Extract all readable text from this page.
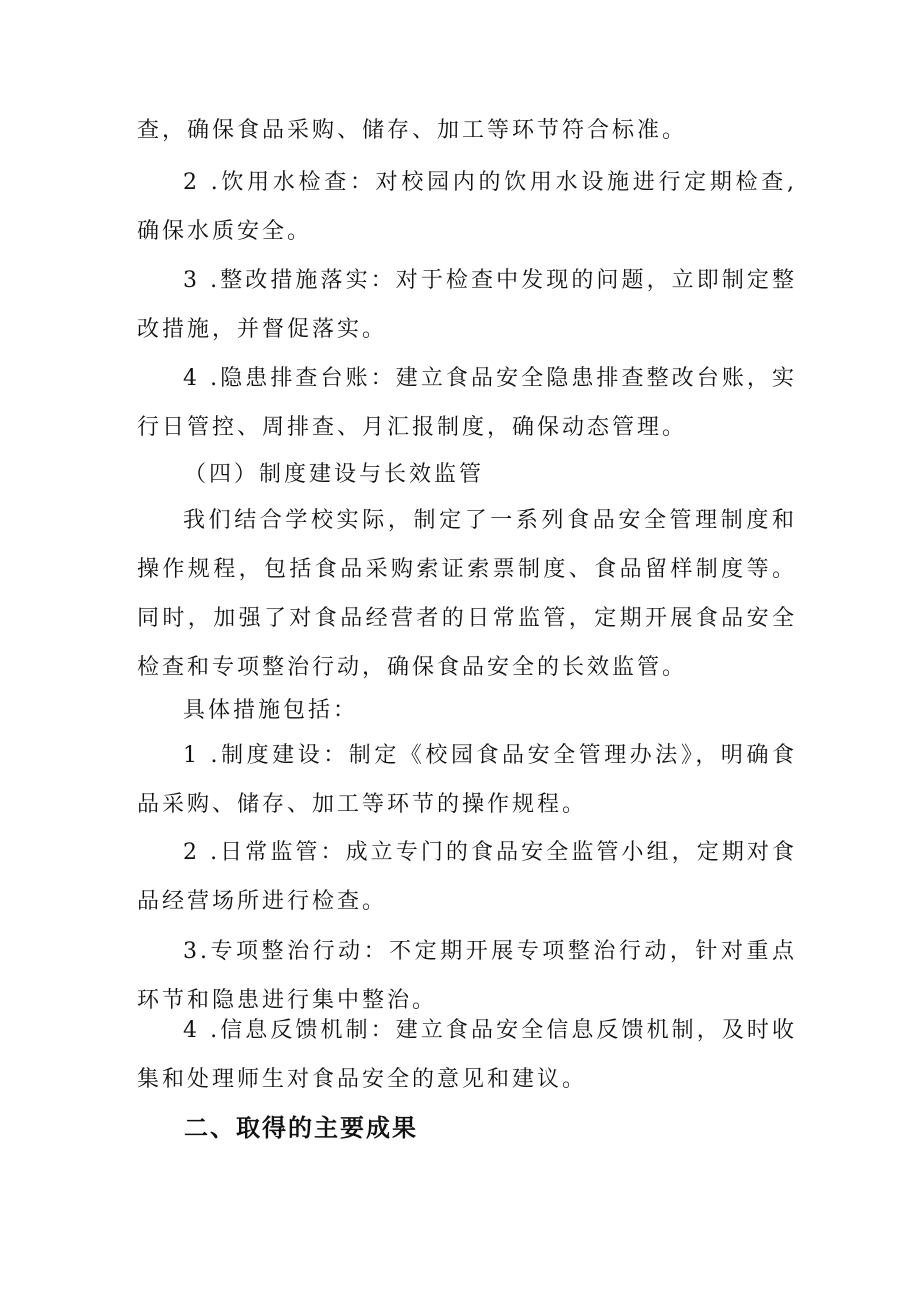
查，确保食品采购、储存、加工等环节符合标准。

2 .饮用水检查：对校园内的饮用水设施进行定期检查,确保水质安全。

3 .整改措施落实：对于检查中发现的问题，立即制定整改措施，并督促落实。

4 .隐患排查台账：建立食品安全隐患排查整改台账，实行日管控、周排查、月汇报制度，确保动态管理。

（四）制度建设与长效监管

我们结合学校实际，制定了一系列食品安全管理制度和操作规程，包括食品采购索证索票制度、食品留样制度等。同时，加强了对食品经营者的日常监管，定期开展食品安全检查和专项整治行动，确保食品安全的长效监管。

具体措施包括：

1 .制度建设：制定《校园食品安全管理办法》，明确食品采购、储存、加工等环节的操作规程。

2 .日常监管：成立专门的食品安全监管小组，定期对食品经营场所进行检查。

3.专项整治行动：不定期开展专项整治行动，针对重点环节和隐患进行集中整治。

4 .信息反馈机制：建立食品安全信息反馈机制，及时收集和处理师生对食品安全的意见和建议。

二、取得的主要成果
